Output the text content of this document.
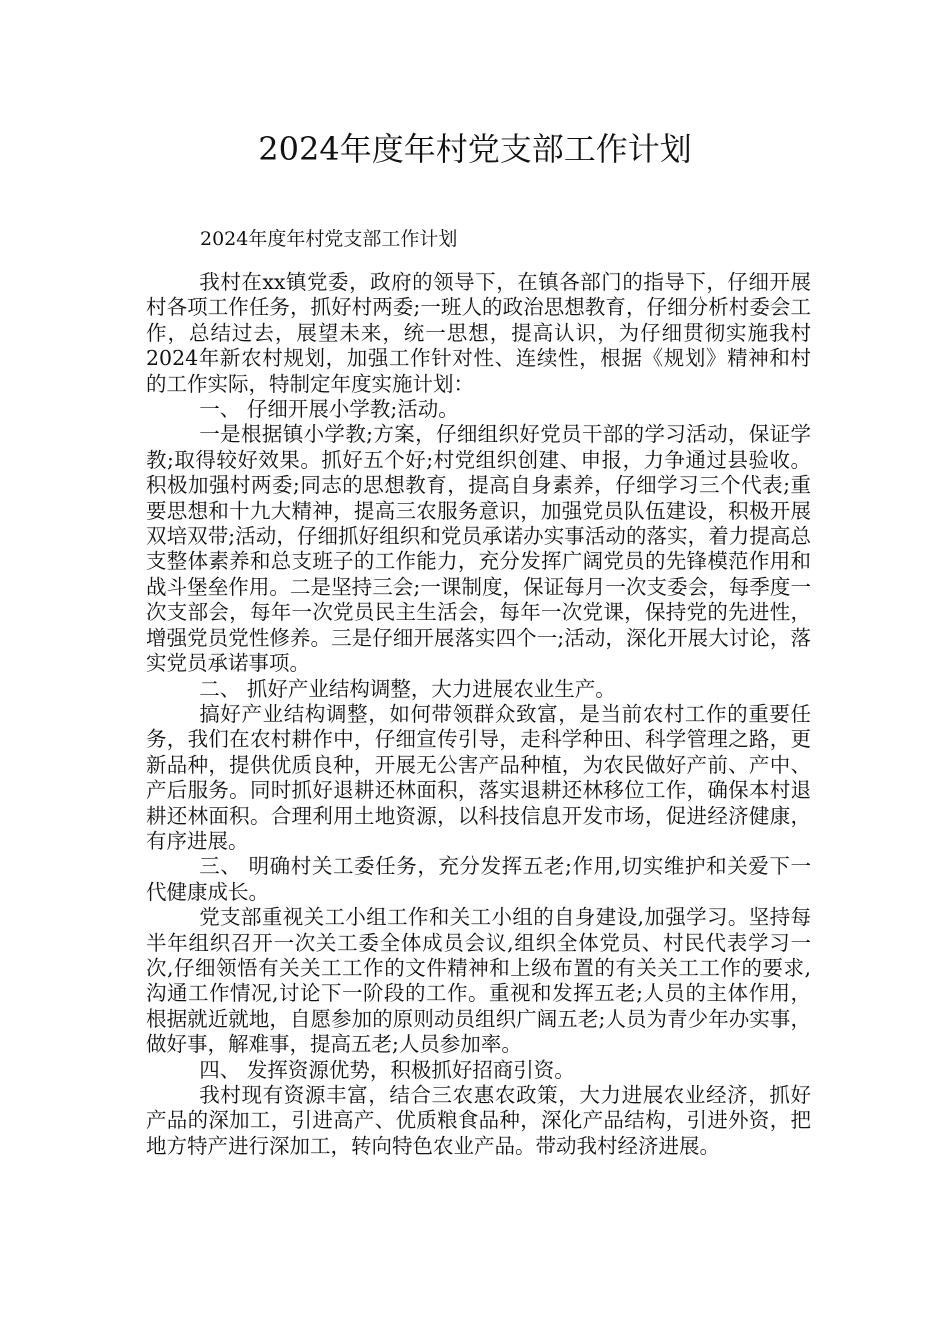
2024年度年村党支部工作计划
2024年度年村党支部工作计划

我村在xx镇党委，政府的领导下，在镇各部门的指导下，仔细开展村各项工作任务，抓好村两委;一班人的政治思想教育，仔细分析村委会工作，总结过去，展望未来，统一思想，提高认识，为仔细贯彻实施我村2024年新农村规划，加强工作针对性、连续性，根据《规划》精神和村的工作实际，特制定年度实施计划：

一、 仔细开展小学教;活动。

一是根据镇小学教;方案，仔细组织好党员干部的学习活动，保证学教;取得较好效果。抓好五个好;村党组织创建、申报，力争通过县验收。积极加强村两委;同志的思想教育，提高自身素养，仔细学习三个代表;重要思想和十九大精神，提高三农服务意识，加强党员队伍建设，积极开展双培双带;活动，仔细抓好组织和党员承诺办实事活动的落实，着力提高总支整体素养和总支班子的工作能力，充分发挥广阔党员的先锋模范作用和战斗堡垒作用。二是坚持三会;一课制度，保证每月一次支委会，每季度一次支部会，每年一次党员民主生活会，每年一次党课，保持党的先进性，增强党员党性修养。三是仔细开展落实四个一;活动，深化开展大讨论，落实党员承诺事项。

二、 抓好产业结构调整，大力进展农业生产。

搞好产业结构调整，如何带领群众致富，是当前农村工作的重要任务，我们在农村耕作中，仔细宣传引导，走科学种田、科学管理之路，更新品种，提供优质良种，开展无公害产品种植，为农民做好产前、产中、产后服务。同时抓好退耕还林面积，落实退耕还林移位工作，确保本村退耕还林面积。合理利用土地资源，以科技信息开发市场，促进经济健康，有序进展。

三、 明确村关工委任务，充分发挥五老;作用,切实维护和关爱下一代健康成长。

党支部重视关工小组工作和关工小组的自身建设,加强学习。坚持每半年组织召开一次关工委全体成员会议,组织全体党员、村民代表学习一次,仔细领悟有关关工工作的文件精神和上级布置的有关关工工作的要求,沟通工作情况,讨论下一阶段的工作。重视和发挥五老;人员的主体作用，根据就近就地，自愿参加的原则动员组织广阔五老;人员为青少年办实事，做好事，解难事，提高五老;人员参加率。

四、 发挥资源优势，积极抓好招商引资。

我村现有资源丰富，结合三农惠农政策，大力进展农业经济，抓好产品的深加工，引进高产、优质粮食品种，深化产品结构，引进外资，把地方特产进行深加工，转向特色农业产品。带动我村经济进展。
